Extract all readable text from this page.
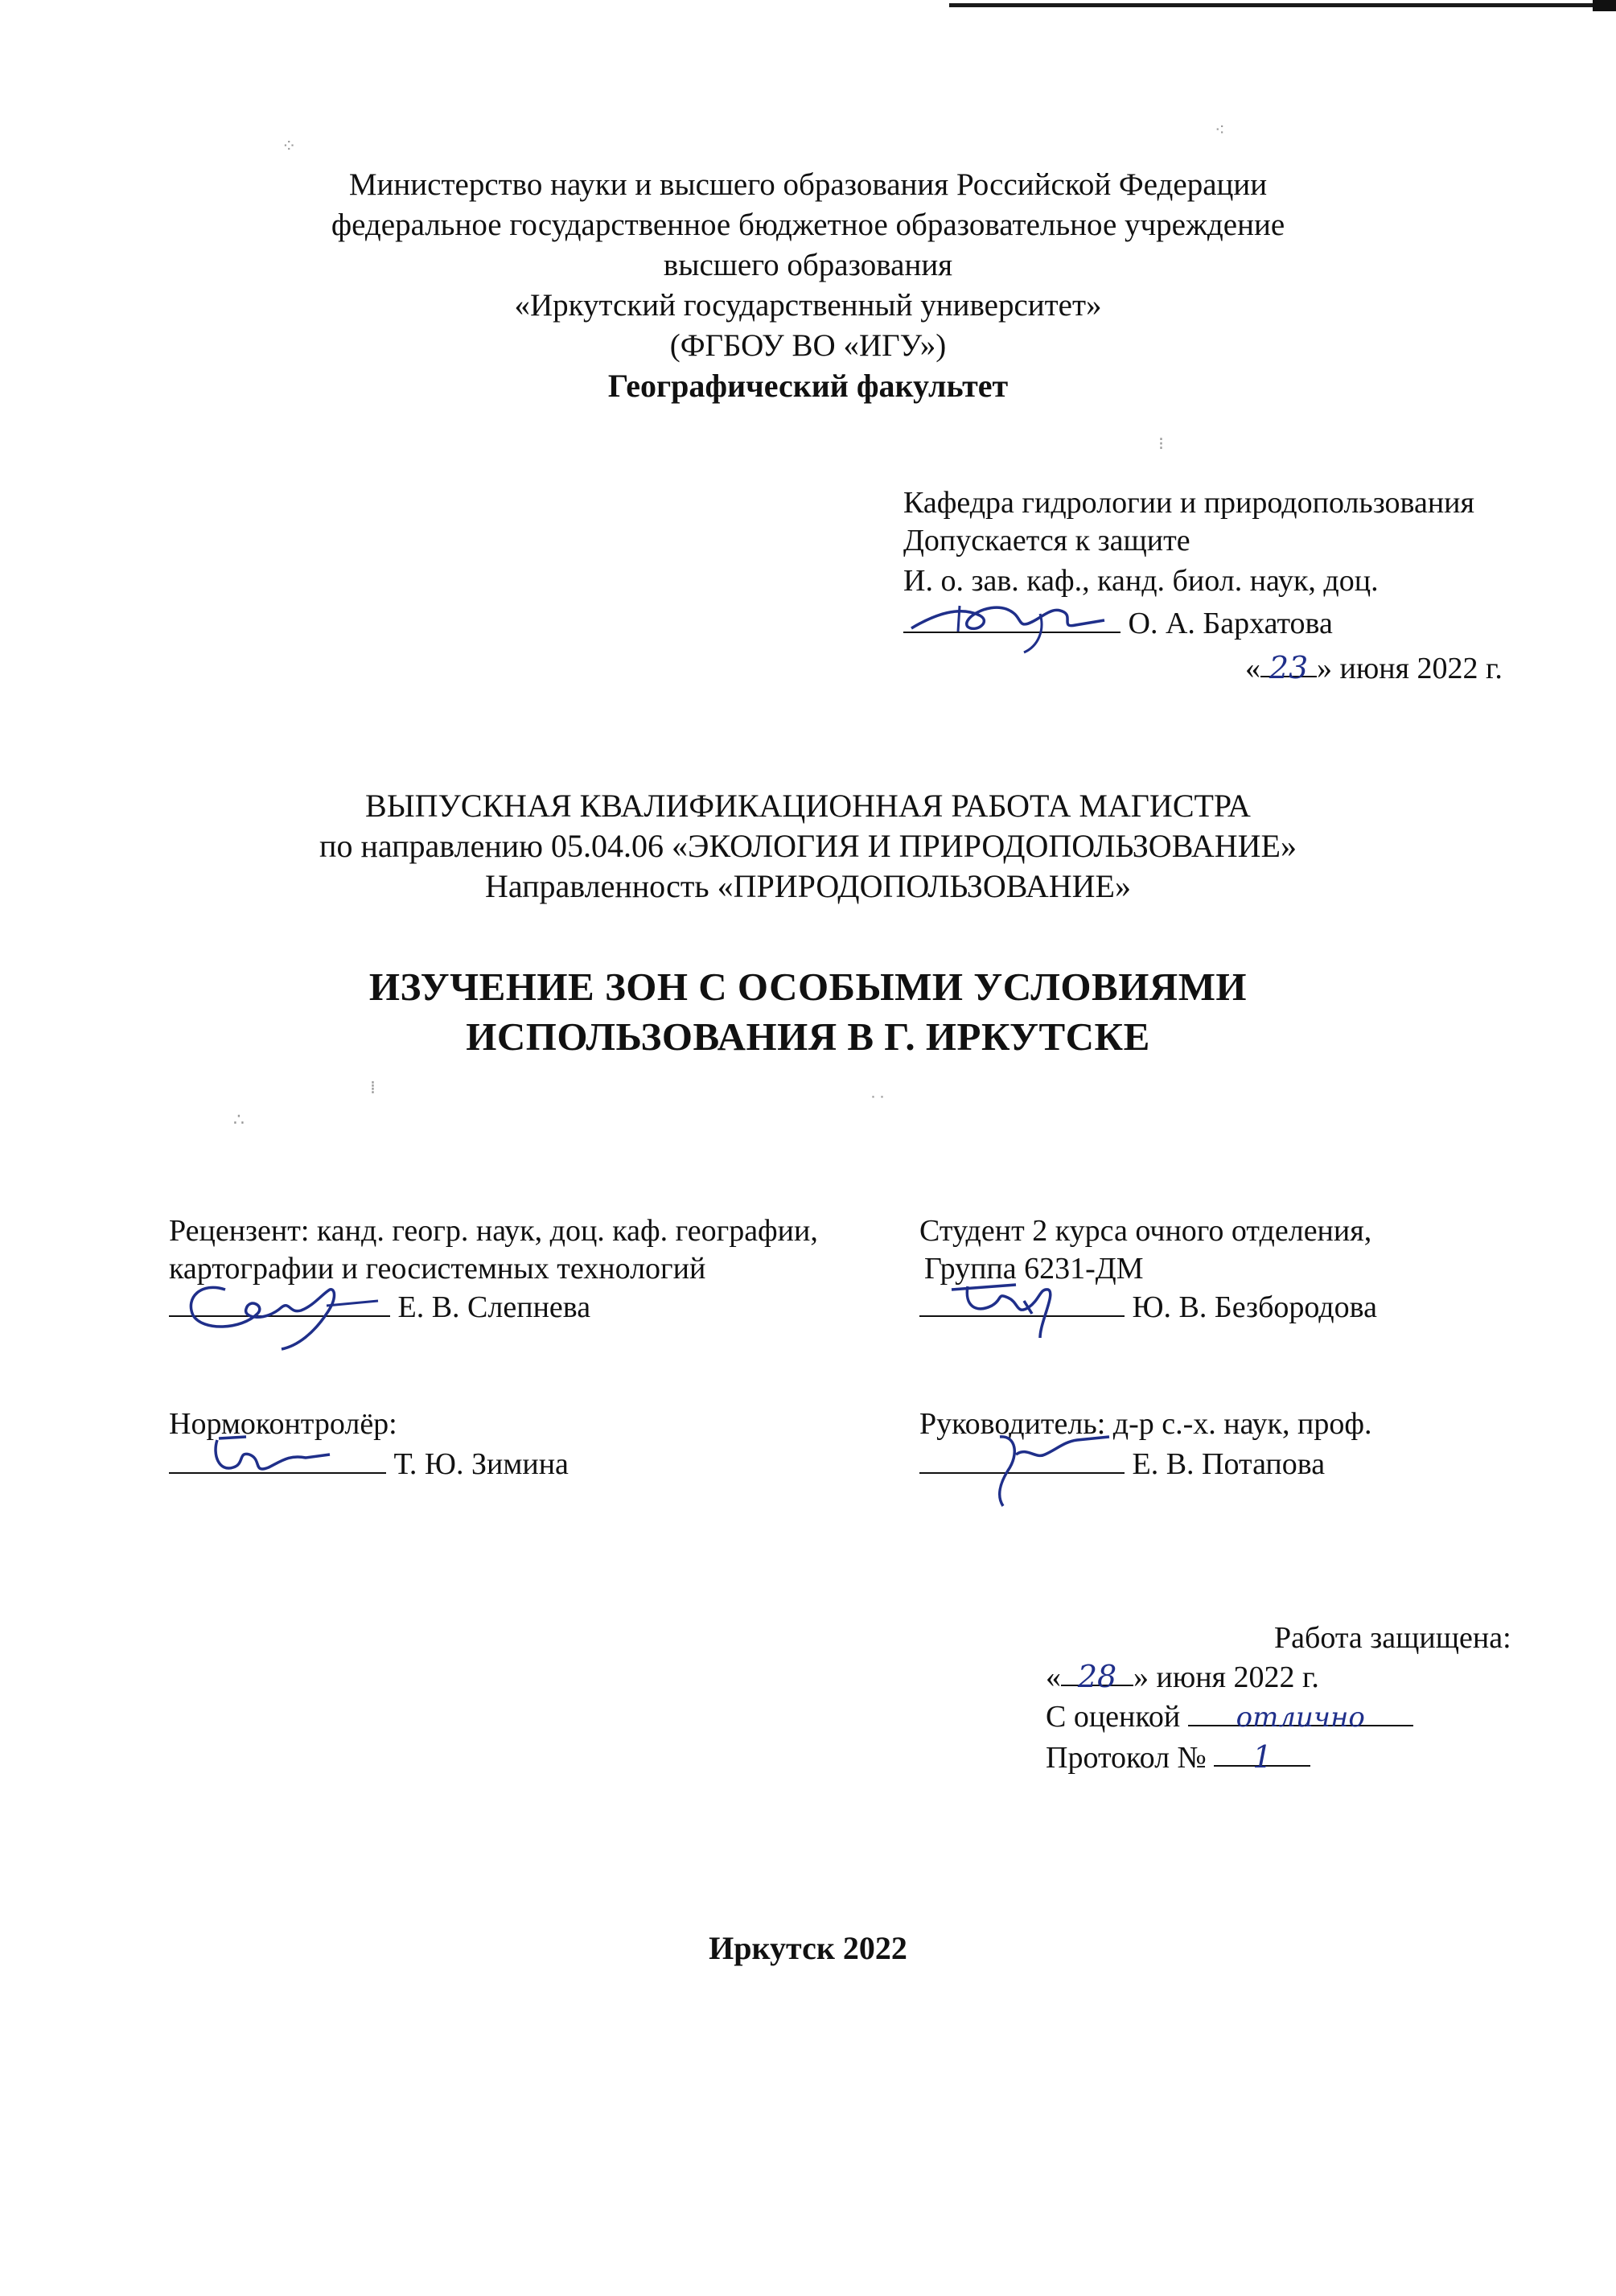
⁘
⁖
⁝
⁞
∴
˙˙
Министерство науки и высшего образования Российской Федерации
федеральное государственное бюджетное образовательное учреждение
высшего образования
«Иркутский государственный университет»
(ФГБОУ ВО «ИГУ»)
Географический факультет
Кафедра гидрологии и природопользования
Допускается к защите
И. о. зав. каф., канд. биол. наук, доц.
О. А. Бархатова
« 23 » июня 2022 г.
ВЫПУСКНАЯ КВАЛИФИКАЦИОННАЯ РАБОТА МАГИСТРА
по направлению 05.04.06 «ЭКОЛОГИЯ И ПРИРОДОПОЛЬЗОВАНИЕ»
Направленность «ПРИРОДОПОЛЬЗОВАНИЕ»
ИЗУЧЕНИЕ ЗОН С ОСОБЫМИ УСЛОВИЯМИ
ИСПОЛЬЗОВАНИЯ В Г. ИРКУТСКЕ
Рецензент: канд. геогр. наук, доц. каф. географии,
картографии и геосистемных технологий
Е. В. Слепнева
Студент 2 курса очного отделения,
Группа 6231-ДМ
Ю. В. Безбородова
Нормоконтролёр:
Т. Ю. Зимина
Руководитель: д-р с.-х. наук, проф.
Е. В. Потапова
Работа защищена:
« 28 » июня 2022 г.
С оценкой отлично
Протокол № 1
Иркутск 2022
